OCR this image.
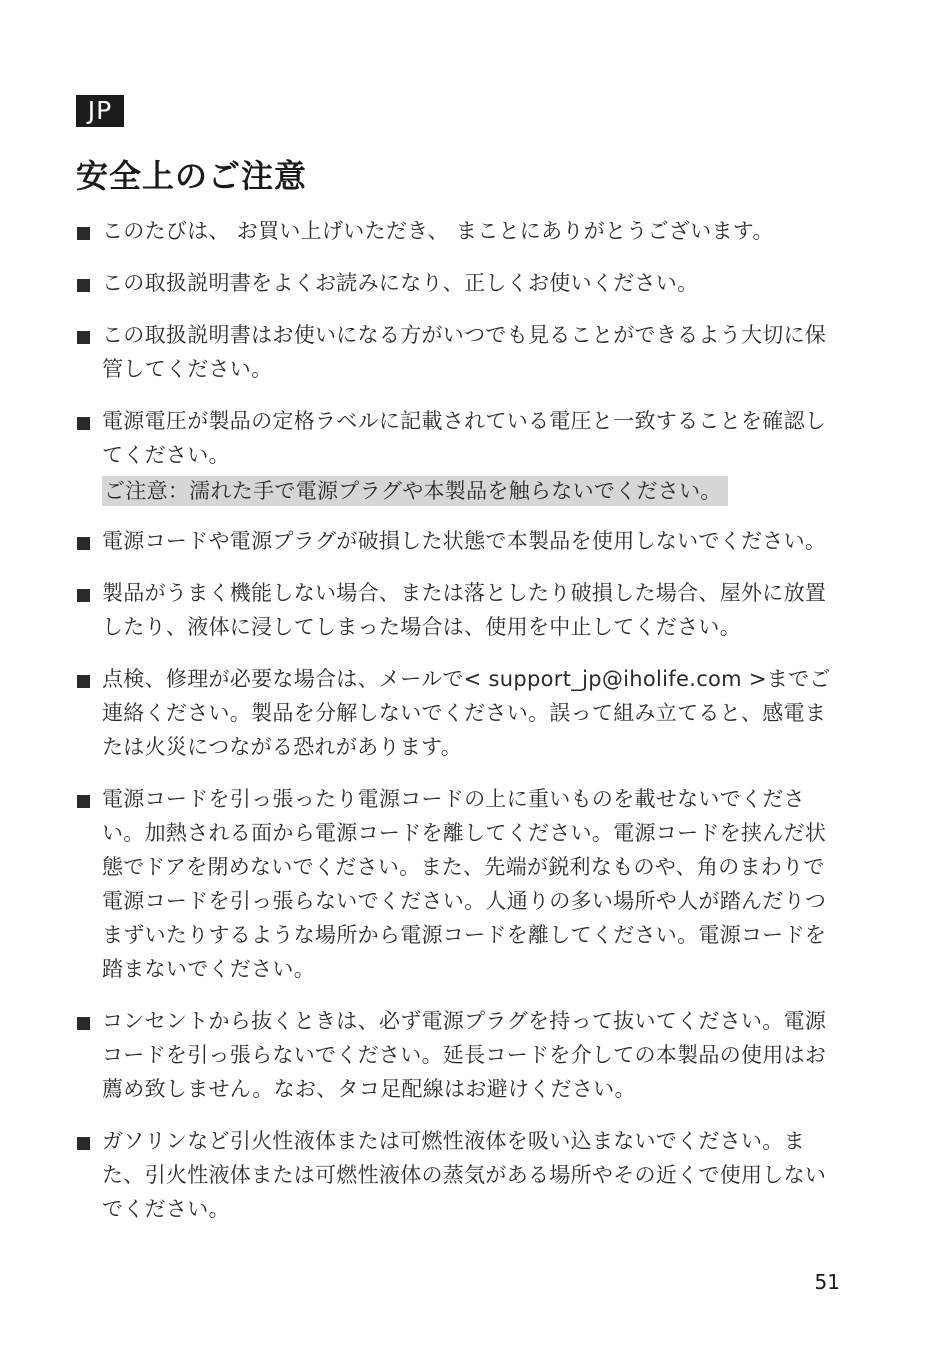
JP
安全上のご注意
このたびは、 お買い上げいただき、 まことにありがとうございます。
この取扱説明書をよくお読みになり、正しくお使いください。
この取扱説明書はお使いになる方がいつでも見ることができるよう大切に保管してください。
電源電圧が製品の定格ラベルに記載されている電圧と一致することを確認してください。
ご注意：濡れた手で電源プラグや本製品を触らないでください。
電源コードや電源プラグが破損した状態で本製品を使用しないでください。
製品がうまく機能しない場合、または落としたり破損した場合、屋外に放置したり、液体に浸してしまった場合は、使用を中止してください。
点検、修理が必要な場合は、メールで< support_jp@iholife.com >までご連絡ください。製品を分解しないでください。誤って組み立てると、感電または火災につながる恐れがあります。
電源コードを引っ張ったり電源コードの上に重いものを載せないでください。加熱される面から電源コードを離してください。電源コードを挟んだ状態でドアを閉めないでください。また、先端が鋭利なものや、角のまわりで電源コードを引っ張らないでください。人通りの多い場所や人が踏んだりつまずいたりするような場所から電源コードを離してください。電源コードを踏まないでください。
コンセントから抜くときは、必ず電源プラグを持って抜いてください。電源コードを引っ張らないでください。延長コードを介しての本製品の使用はお薦め致しません。なお、タコ足配線はお避けください。
ガソリンなど引火性液体または可燃性液体を吸い込まないでください。また、引火性液体または可燃性液体の蒸気がある場所やその近くで使用しないでください。
51
